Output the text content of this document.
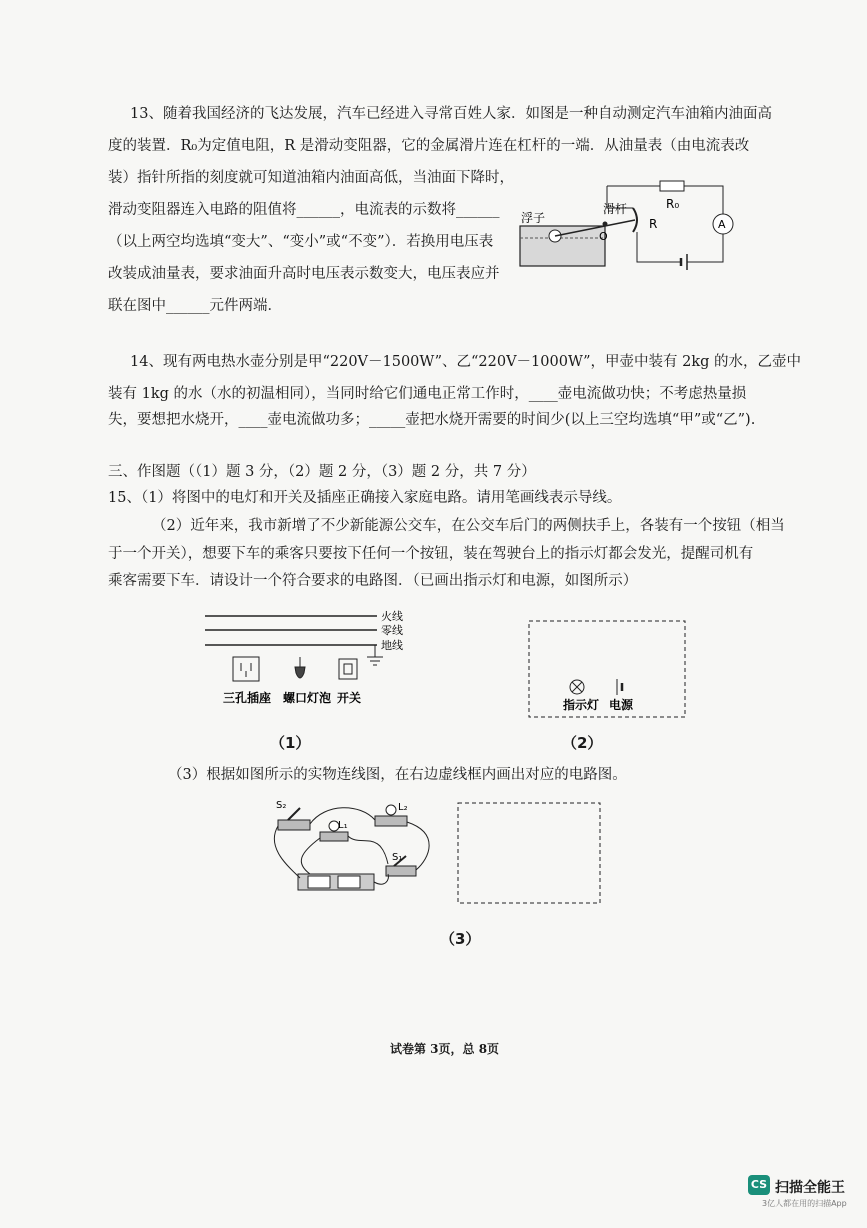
13、随着我国经济的飞达发展，汽车已经进入寻常百姓人家．如图是一种自动测定汽车油箱内油面高
度的装置．R₀为定值电阻，R 是滑动变阻器，它的金属滑片连在杠杆的一端．从油量表（由电流表改
装）指针所指的刻度就可知道油箱内油面高低，当油面下降时，
滑动变阻器连入电路的阻值将______，电流表的示数将______
（以上两空均选填“变大”、“变小”或“不变”）．若换用电压表
改装成油量表，要求油面升高时电压表示数变大，电压表应并
联在图中______元件两端．
浮子
滑杆
O
R
R₀
A
14、现有两电热水壶分别是甲“220V－1500W”、乙“220V－1000W”，甲壶中装有 2kg 的水，乙壶中
装有 1kg 的水（水的初温相同），当同时给它们通电正常工作时，____壶电流做功快；不考虑热量损
失，要想把水烧开，____壶电流做功多；_____壶把水烧开需要的时间少(以上三空均选填“甲”或“乙”).
三、作图题（（1）题 3 分，（2）题 2 分，（3）题 2 分，共 7 分）
15、（1）将图中的电灯和开关及插座正确接入家庭电路。请用笔画线表示导线。
（2）近年来，我市新增了不少新能源公交车，在公交车后门的两侧扶手上，各装有一个按钮（相当
于一个开关），想要下车的乘客只要按下任何一个按钮，装在驾驶台上的指示灯都会发光，提醒司机有
乘客需要下车．请设计一个符合要求的电路图．（已画出指示灯和电源，如图所示）
火线
零线
地线
三孔插座 螺口灯泡 开关
（1）
指示灯 电源
（2）
（3）根据如图所示的实物连线图，在右边虚线框内画出对应的电路图。
S₂	L₂
L₁
S₁
（3）
试卷第 3页，总 8页
CS 扫描全能王
3亿人都在用的扫描App
